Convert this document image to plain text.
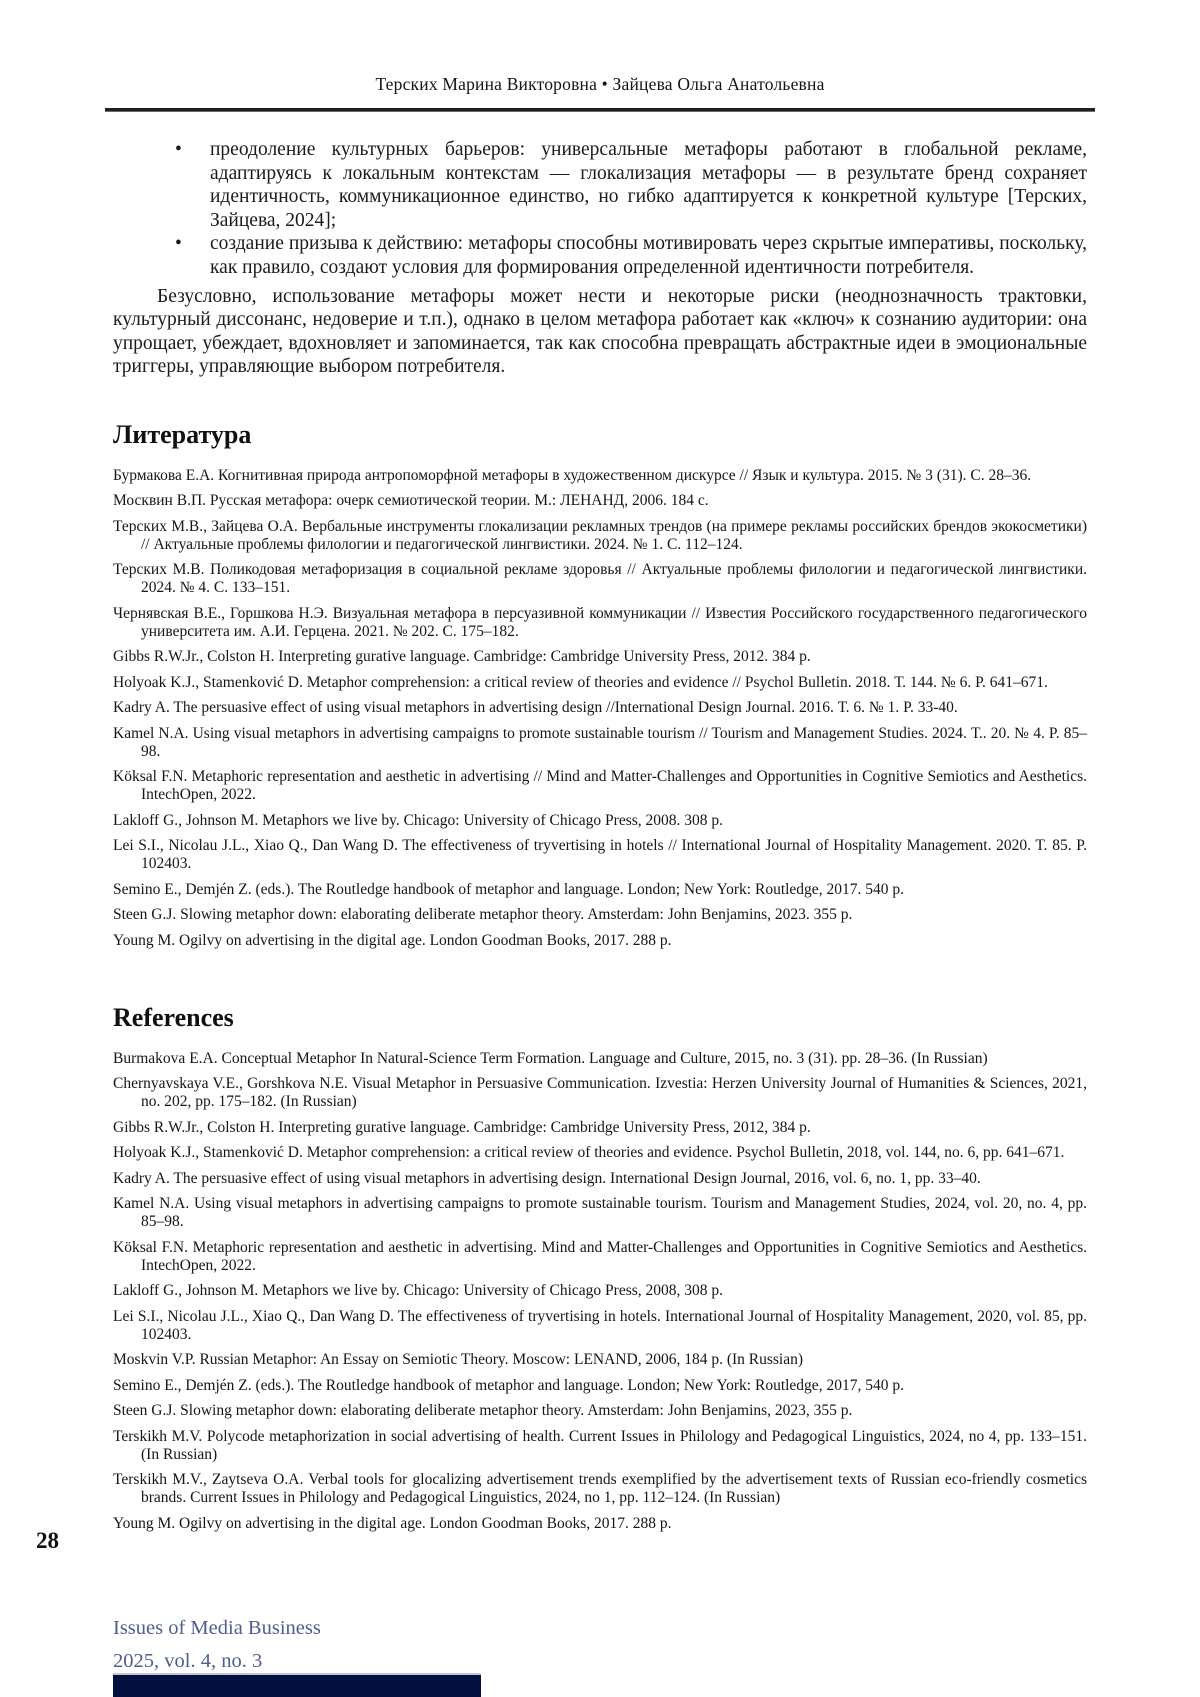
Терских Марина Викторовна • Зайцева Ольга Анатольевна
• преодоление культурных барьеров: универсальные метафоры работают в глобальной рекламе, адаптируясь к локальным контекстам — глокализация метафоры — в результате бренд сохраняет идентичность, коммуникационное единство, но гибко адаптируется к конкретной культуре [Терских, Зайцева, 2024];
• создание призыва к действию: метафоры способны мотивировать через скрытые императивы, поскольку, как правило, создают условия для формирования определенной идентичности потребителя.

Безусловно, использование метафоры может нести и некоторые риски (неоднозначность трактовки, культурный диссонанс, недоверие и т.п.), однако в целом метафора работает как «ключ» к сознанию аудитории: она упрощает, убеждает, вдохновляет и запоминается, так как способна превращать абстрактные идеи в эмоциональные триггеры, управляющие выбором потребителя.

Литература

Бурмакова Е.А. Когнитивная природа антропоморфной метафоры в художественном дискурсе // Язык и культура. 2015. № 3 (31). С. 28–36.

Москвин В.П. Русская метафора: очерк семиотической теории. М.: ЛЕНАНД, 2006. 184 с.

Терских М.В., Зайцева О.А. Вербальные инструменты глокализации рекламных трендов (на примере рекламы российских брендов экокосметики) // Актуальные проблемы филологии и педагогической лингвистики. 2024. № 1. С. 112–124.

Терских М.В. Поликодовая метафоризация в социальной рекламе здоровья // Актуальные проблемы филологии и педагогической лингвистики. 2024. № 4. С. 133–151.

Чернявская В.Е., Горшкова Н.Э. Визуальная метафора в персуазивной коммуникации // Известия Российского государственного педагогического университета им. А.И. Герцена. 2021. № 202. С. 175–182.

Gibbs R.W.Jr., Colston H. Interpreting gurative language. Cambridge: Cambridge University Press, 2012. 384 p.

Holyoak K.J., Stamenković D. Metaphor comprehension: a critical review of theories and evidence // Psychol Bulletin. 2018. Т. 144. № 6. P. 641–671.

Kadry A. The persuasive effect of using visual metaphors in advertising design //International Design Journal. 2016. Т. 6. № 1. P. 33-40.

Kamel N.A. Using visual metaphors in advertising campaigns to promote sustainable tourism // Tourism and Management Studies. 2024. Т.. 20. № 4. P. 85–98.

Köksal F.N. Metaphoric representation and aesthetic in advertising // Mind and Matter-Challenges and Opportunities in Cognitive Semiotics and Aesthetics. IntechOpen, 2022.

Lakloff G., Johnson M. Metaphors we live by. Chicago: University of Chicago Press, 2008. 308 p.

Lei S.I., Nicolau J.L., Xiao Q., Dan Wang D. The effectiveness of tryvertising in hotels // International Journal of Hospitality Management. 2020. T. 85. P. 102403.

Semino E., Demjén Z. (eds.). The Routledge handbook of metaphor and language. London; New York: Routledge, 2017. 540 p.

Steen G.J. Slowing metaphor down: elaborating deliberate metaphor theory. Amsterdam: John Benjamins, 2023. 355 p.

Young M. Ogilvy on advertising in the digital age. London Goodman Books, 2017. 288 p.

References

Burmakova E.A. Conceptual Metaphor In Natural-Science Term Formation. Language and Culture, 2015, no. 3 (31). pp. 28–36. (In Russian)

Chernyavskaya V.E., Gorshkova N.E. Visual Metaphor in Persuasive Communication. Izvestia: Herzen University Journal of Humanities & Sciences, 2021, no. 202, pp. 175–182. (In Russian)

Gibbs R.W.Jr., Colston H. Interpreting gurative language. Cambridge: Cambridge University Press, 2012, 384 p.

Holyoak K.J., Stamenković D. Metaphor comprehension: a critical review of theories and evidence. Psychol Bulletin, 2018, vol. 144, no. 6, pp. 641–671.

Kadry A. The persuasive effect of using visual metaphors in advertising design. International Design Journal, 2016, vol. 6, no. 1, pp. 33–40.

Kamel N.A. Using visual metaphors in advertising campaigns to promote sustainable tourism. Tourism and Management Studies, 2024, vol. 20, no. 4, pp. 85–98.

Köksal F.N. Metaphoric representation and aesthetic in advertising. Mind and Matter-Challenges and Opportunities in Cognitive Semiotics and Aesthetics. IntechOpen, 2022.

Lakloff G., Johnson M. Metaphors we live by. Chicago: University of Chicago Press, 2008, 308 p.

Lei S.I., Nicolau J.L., Xiao Q., Dan Wang D. The effectiveness of tryvertising in hotels. International Journal of Hospitality Management, 2020, vol. 85, pp. 102403.

Moskvin V.P. Russian Metaphor: An Essay on Semiotic Theory. Moscow: LENAND, 2006, 184 p. (In Russian)

Semino E., Demjén Z. (eds.). The Routledge handbook of metaphor and language. London; New York: Routledge, 2017, 540 p.

Steen G.J. Slowing metaphor down: elaborating deliberate metaphor theory. Amsterdam: John Benjamins, 2023, 355 p.

Terskikh M.V. Polycode metaphorization in social advertising of health. Current Issues in Philology and Pedagogical Linguistics, 2024, no 4, pp. 133–151. (In Russian)

Terskikh M.V., Zaytseva O.A. Verbal tools for glocalizing advertisement trends exemplified by the advertisement texts of Russian eco-friendly cosmetics brands. Current Issues in Philology and Pedagogical Linguistics, 2024, no 1, pp. 112–124. (In Russian)

Young M. Ogilvy on advertising in the digital age. London Goodman Books, 2017. 288 p.

28
Issues of Media Business
2025, vol. 4, no. 3
